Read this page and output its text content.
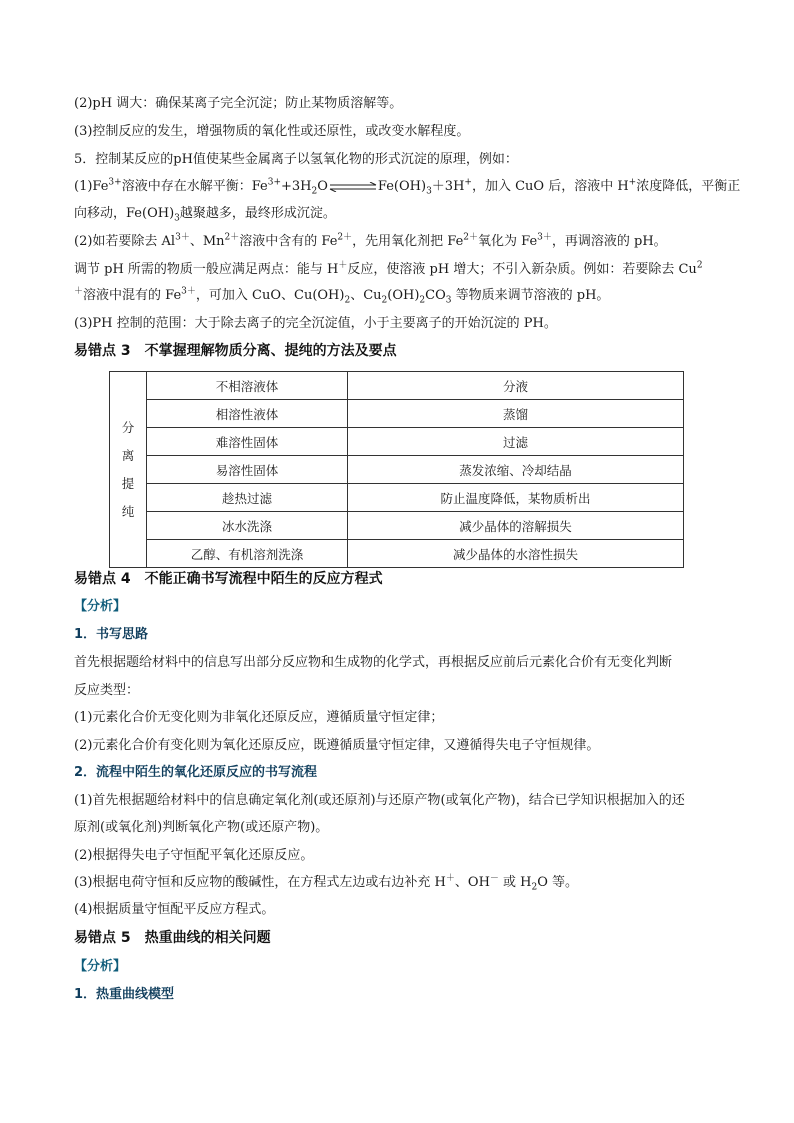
(2)pH 调大：确保某离子完全沉淀；防止某物质溶解等。
(3)控制反应的发生，增强物质的氧化性或还原性，或改变水解程度。
5．控制某反应的pH值使某些金属离子以氢氧化物的形式沉淀的原理，例如：
$(1)Fe^{3+}$溶液中存在水解平衡：$Fe^{3+}+3H_2O\rightleftharpoons Fe(OH)_3+3H^+$，加入 CuO 后，溶液中 H+浓度降低，平衡正
向移动，$Fe(OH)_3$越聚越多，最终形成沉淀。
(2)如若要除去 $Al^{3+}$、$Mn^{2+}$溶液中含有的 $Fe^{2+}$，先用氧化剂把 $Fe^{2+}$氧化为 $Fe^{3+}$，再调溶液的 pH。
调节 pH 所需的物质一般应满足两点：能与 H＋反应，使溶液 pH 增大；不引入新杂质。例如：若要除去 Cu$^2$
＋溶液中混有的 $Fe^{3+}$，可加入 CuO、$Cu(OH)_2$、$Cu_2(OH)_2CO_3$ 等物质来调节溶液的 pH。
(3)PH 控制的范围：大于除去离子的完全沉淀值，小于主要离子的开始沉淀的 PH。
易错点 3　不掌握理解物质分离、提纯的方法及要点
分离提纯	不相溶液体	分液
	相溶性液体	蒸馏
	难溶性固体	过滤
	易溶性固体	蒸发浓缩、冷却结晶
	趁热过滤	防止温度降低，某物质析出
	冰水洗涤	减少晶体的溶解损失
	乙醇、有机溶剂洗涤	减少晶体的水溶性损失
易错点 4　不能正确书写流程中陌生的反应方程式
【分析】
1．书写思路
首先根据题给材料中的信息写出部分反应物和生成物的化学式，再根据反应前后元素化合价有无变化判断
反应类型：
(1)元素化合价无变化则为非氧化还原反应，遵循质量守恒定律；
(2)元素化合价有变化则为氧化还原反应，既遵循质量守恒定律，又遵循得失电子守恒规律。
2．流程中陌生的氧化还原反应的书写流程
(1)首先根据题给材料中的信息确定氧化剂(或还原剂)与还原产物(或氧化产物)，结合已学知识根据加入的还
原剂(或氧化剂)判断氧化产物(或还原产物)。
(2)根据得失电子守恒配平氧化还原反应。
(3)根据电荷守恒和反应物的酸碱性，在方程式左边或右边补充 H＋、OH－ 或 $H_2O$ 等。
(4)根据质量守恒配平反应方程式。
易错点 5　热重曲线的相关问题
【分析】
1．热重曲线模型
